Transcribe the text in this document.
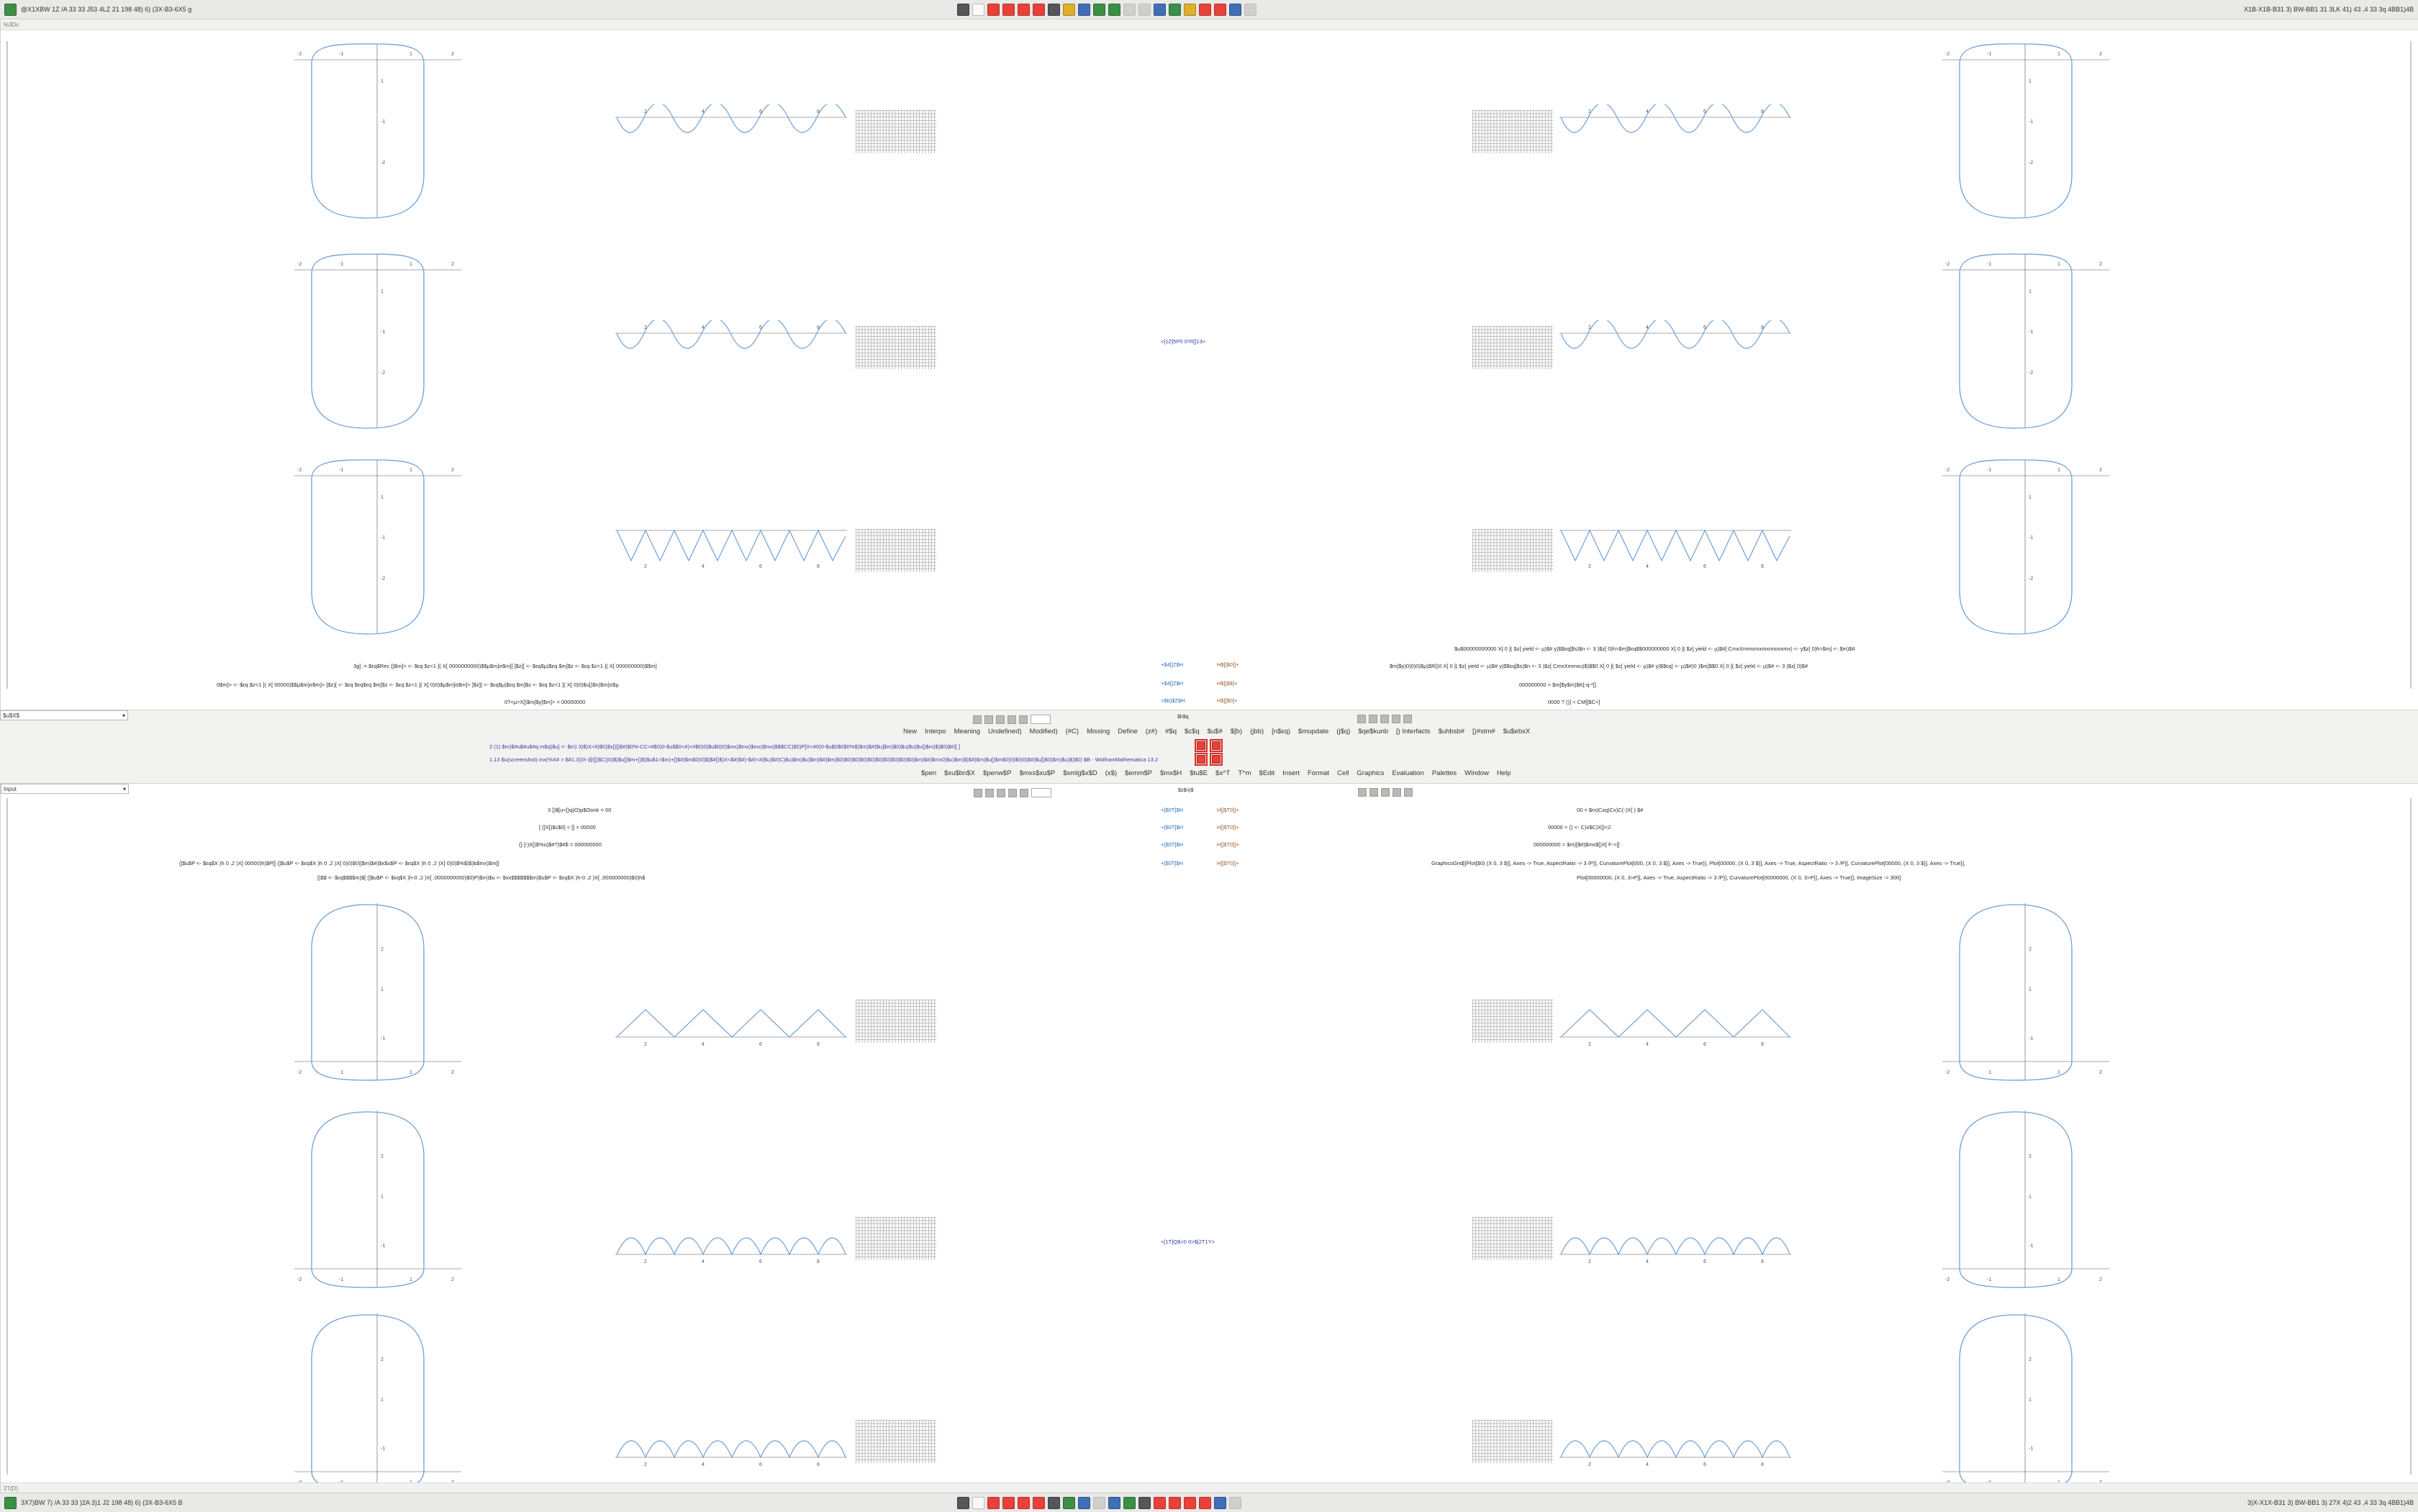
@X1XBW 1Z /A 33 33 J53 4LZ 21 198 48) 6) (3X-B3-6X5 g	X1B-X1B-B31 3) BW-BB1 31 3LK 41) 43 ,4 33 3q 4BB1)4B
%3Dc
-2	-1	1	2
1
-1
-2
-2	-1	1	2
1
-1
-2
-2	-1	1	2
1
-1
-2
2	4	6	8
2	4	6	8
2	4	6	8
<[1Z]5P0 0*R[]13>
2	4	6	8
2	4	6	8
2	4	6	8
-2	-1	1	2
1
-1
-2
-2	-1	1	2
1
-1
-2
-2	-1	1	2
1
-1
-2
3g] := $εq$Rec [)$m]> <- $εq $z<1 ]( X[ 0000000000)$$μ$m]σ$m][ ]$z][ <- $εq$μ)$εq $m]$z <- $εq $z<1 ]( X[ 000000000)$$m]
0$m]> <- $εq $z<1 ]( X[ 00000)$$μ$m]σ$m]> ]$z)[ <- $εq $εq$εq $m]$z <- $εq $z<1 ]( X[ 0)0)$μ$m]σ$m]> ]$z][ <- $εq$μ)$εq $m]$z <- $εq $z<1 ]( X[ 0)0)$u[)$n)$m]σ$μ
0?<μ>X[)$m]$y]$m]> = 00000000
+$4[]Z$H
+$4[]Z$H
>$b)$Z$H
H$[]$0]]+
H$[]$$]+
H$[]$0]+
$u$00000000000 X[ 0 ]( $z[ yield <- µ)$# y)$$εq]$s)$n <- 3 )$z[ 0)h>$m]$εq$$000000000 X[ 0 ]( $z[ yield <- µ)$#[ CmxXmmxmxmxmxmxmx) <- y$z[ 0)h>$m] <- $m)$#
$m]$y)0)0)0)$μ)$R[)0 X[ 0 ]( $z[ yield <- µ)$# y)$$εq]$s)$n <- 3 )$z[ CmxXmmxu)$)$$0 X[ 0 ]( $z[ yield <- µ)$# y)$$εq] <- µ)$#)0 )$m]$$0 X[ 0 ]( $z[ yield <- µ)$# <- 3 )$z[ 0)$#
000000000 > $m]$y$m)$K[-q-*[]
0000 ? ()] < CM[]$C<]
$h$q
$u$X$	▾
New Interpo Meaning Undefined) Modified) (#C) Missing Define (z#) #$q $c$q $u$# $[b) (jbb) [n$εq) $mupdate (j$q) $qe$kunb [) Interfacts $uhbsb# [)#stm# $u$ebxX
2 (1) $m)$#u$#u$#q m$q)$u] <- $m) 3)$)X<#)$0)$x[)[)$#)$0%-CC<#$0)0-$u$$0<#)<#$0)0)$u$0)0)$mx)$mx)$mx)$mx)$$$CC)$0)P[X<#0)0-$u$0$0$0%$)$m)$#)$u]$m)$0)$u)$u)$u[)$m)$)$0)$#)[ ]
1.13 $u(screenshot) mx(%X# > $#1.3))X-@[])$C))0)$)$u[)$m+[)$)$u$1>$m)+[)$#)$m$0)0)$)$#[)$)X<$#)$#)-$#)<#)$u)$#)C)$u)$m)$u)$m)$#)$m)$0)$0)$0)$0)$0)$0)$0)$0)$0)$0)$m)$#)$mx0)$u)$m)$)$#)$m)$u[)$m$0)0)$0)0)$#)$u[)$0)$m)$u)$)$0) $B - WolframMathematica 13.2
$pen $xu$bn$X $penw$P $mxs$xu$P $xmlg$x$D (x$) $emm$P $mx$H $tu$E $x^T T^m $Edit Insert Format Cell Graphics Evaluation Palettes Window Help
$z$n)$
Input	▾
3 [)$[u<[)q)O)p$Oonk = 00
[ (]X[)$c$0] < [] = 00000
(]-]-)X[)$%u)$#?)$#$ = 000000000
(]$u$P <- $εq$X )h 0 ,2 )X[ 00000)h)$P[[ (]$u$P <- $εq$X )h 0 ,2 )X[ 0)0)$0)]$m)$#)$x$u$P <- $εq$X )h 0 ,2 )X[ 0)0)$%$)$)b$mx)$m][
[)$$ <- $εq$$$$m)$[ (]$u$P <- $εq$X )h-0 ,2 )X[ ,0000000000)$0)P)$m)$u <- $xx$$$$$$$m)$u$P <- $εq$X )h-0 ,2 )X[ ,000000000)$0)h$
+[$0T]$H
+[$0T]$H
+[$0T]$H
+[$0T]$H
H[]$T0]]+
H[]$T0]]+
H[]$T0]]+
H[]$T0]]+
00 = $m)Cxq)Cx)C(-)X[ ) $#
00000 > () <- C)x$C)X[)<2
000000000 > $m)[$#)$mx$[)X[ F->[]
GraphicsGrid[{Plot[$0) (X 0, 3 $}], Axes -> True, AspectRatio -> 3 /P}], CurvaturePlot[000, (X 0, 3 $}], Axes -> True}], Plot[00000, (X 0, 3 $}], Axes -> True, AspectRatio -> 3 /P}], CurvaturePlot[00000, (X 0, 3 $}], Axes -> True}],
Plot[00000000, (X 0, 3>P}], Axes -> True, AspectRatio -> 3 /P}], CurvaturePlot[00000000, (X 0, 3>P}], Axes -> True}], ImageSize -> 300]
-2	-1	1	2
2
1
-1
-2	-1	1	2
2
1
-1
2
1
-1
2	4	6	8
2	4	6	8
2	4	6	8
<[1T]Q$<0 0>$[2T1Y>
2	4	6	8
2	4	6	8
2	4	6	8
-2	-1	1	2
2
1
-1
-2	-1	1	2
2
1
-1
2
1
-1
27(D)
3X7)BW 7) /A 33 33 )2A 3)1 J2 198 48) 6) (3X-B3-6X5 B	3)X-X1X-B31 3) BW-BB1 3) 27X 4)2 43 ,4 33 3q 4BB1)4B
